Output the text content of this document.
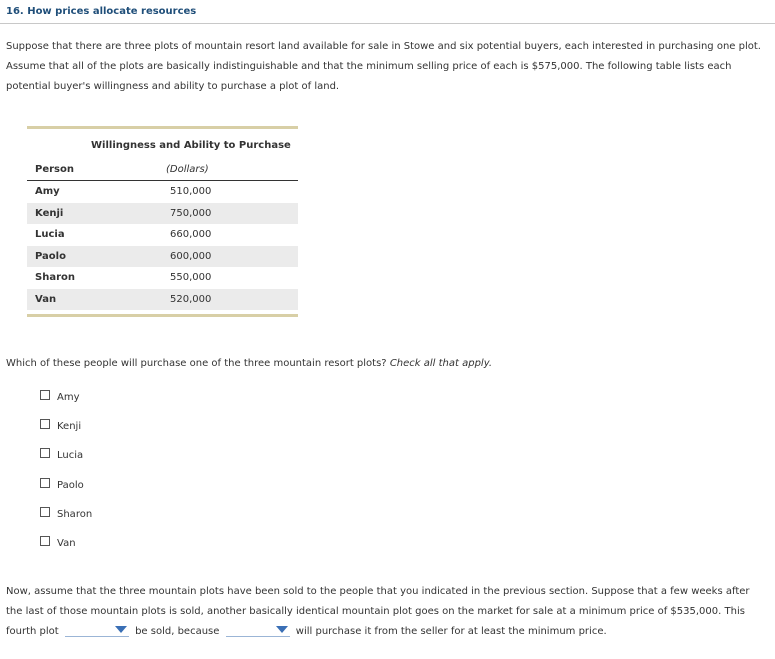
16. How prices allocate resources
Suppose that there are three plots of mountain resort land available for sale in Stowe and six potential buyers, each interested in purchasing one plot.
Assume that all of the plots are basically indistinguishable and that the minimum selling price of each is $575,000. The following table lists each
potential buyer's willingness and ability to purchase a plot of land.
Willingness and Ability to Purchase
Person	(Dollars)
Amy	510,000
Kenji	750,000
Lucia	660,000
Paolo	600,000
Sharon	550,000
Van	520,000
Which of these people will purchase one of the three mountain resort plots? Check all that apply.
Amy
Kenji
Lucia
Paolo
Sharon
Van
Now, assume that the three mountain plots have been sold to the people that you indicated in the previous section. Suppose that a few weeks after
the last of those mountain plots is sold, another basically identical mountain plot goes on the market for sale at a minimum price of $535,000. This
fourth plot	be sold, because	will purchase it from the seller for at least the minimum price.
